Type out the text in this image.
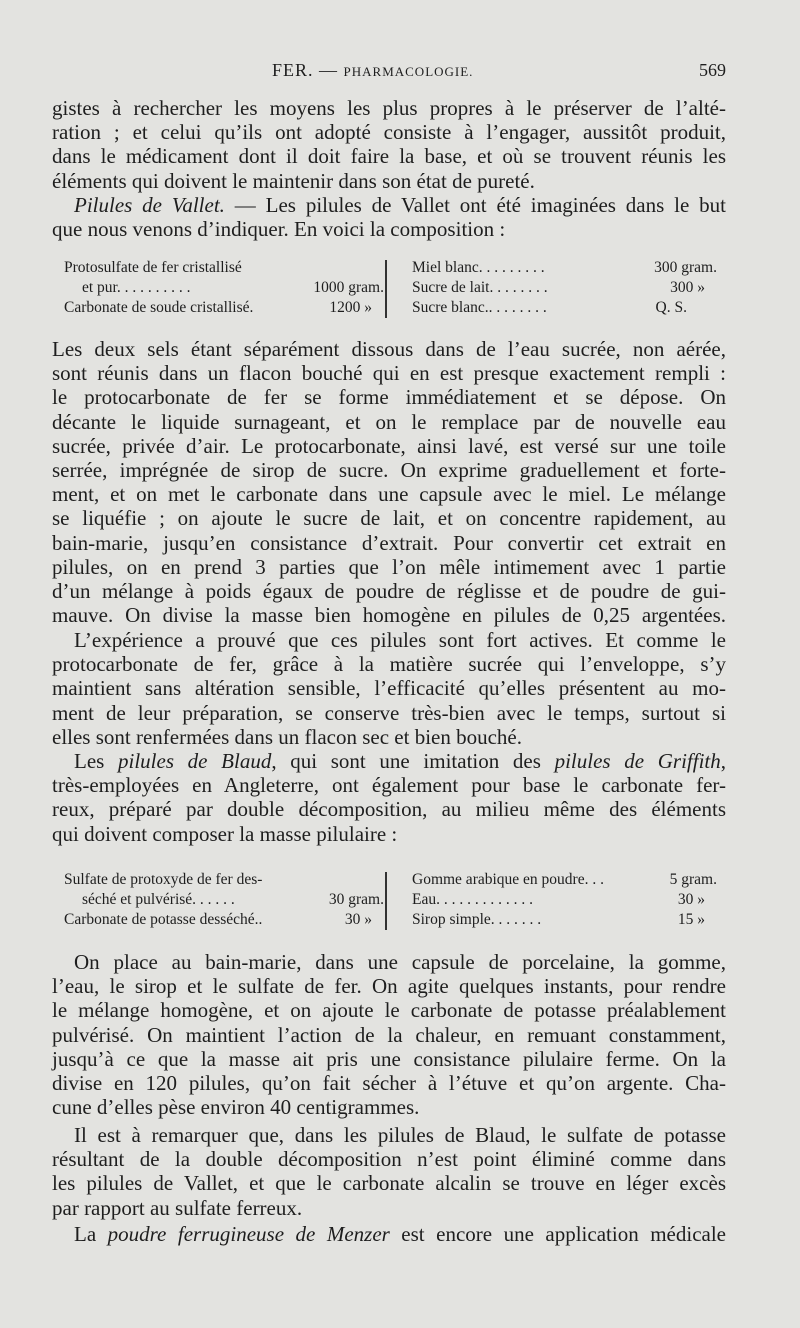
FER. — PHARMACOLOGIE.	569
gistes à rechercher les moyens les plus propres à le préserver de l’alté-
ration ; et celui qu’ils ont adopté consiste à l’engager, aussitôt produit,
dans le médicament dont il doit faire la base, et où se trouvent réunis les
éléments qui doivent le maintenir dans son état de pureté.
Pilules de Vallet. — Les pilules de Vallet ont été imaginées dans le but
que nous venons d’indiquer. En voici la composition :
Protosulfate de fer cristallisé
et pur. . . . . . . . . .	1000 gram.
Carbonate de soude cristallisé.	1200 »
Miel blanc. . . . . . . . .	300 gram.
Sucre de lait. . . . . . . .	300 »
Sucre blanc.. . . . . . . .	Q. S.
Les deux sels étant séparément dissous dans de l’eau sucrée, non aérée,
sont réunis dans un flacon bouché qui en est presque exactement rempli :
le protocarbonate de fer se forme immédiatement et se dépose. On
décante le liquide surnageant, et on le remplace par de nouvelle eau
sucrée, privée d’air. Le protocarbonate, ainsi lavé, est versé sur une toile
serrée, imprégnée de sirop de sucre. On exprime graduellement et forte-
ment, et on met le carbonate dans une capsule avec le miel. Le mélange
se liquéfie ; on ajoute le sucre de lait, et on concentre rapidement, au
bain-marie, jusqu’en consistance d’extrait. Pour convertir cet extrait en
pilules, on en prend 3 parties que l’on mêle intimement avec 1 partie
d’un mélange à poids égaux de poudre de réglisse et de poudre de gui-
mauve. On divise la masse bien homogène en pilules de 0,25 argentées.
L’expérience a prouvé que ces pilules sont fort actives. Et comme le
protocarbonate de fer, grâce à la matière sucrée qui l’enveloppe, s’y
maintient sans altération sensible, l’efficacité qu’elles présentent au mo-
ment de leur préparation, se conserve très-bien avec le temps, surtout si
elles sont renfermées dans un flacon sec et bien bouché.
Les pilules de Blaud, qui sont une imitation des pilules de Griffith,
très-employées en Angleterre, ont également pour base le carbonate fer-
reux, préparé par double décomposition, au milieu même des éléments
qui doivent composer la masse pilulaire :
Sulfate de protoxyde de fer des-
séché et pulvérisé. . . . . .	30 gram.
Carbonate de potasse desséché..	30 »
Gomme arabique en poudre. . .	5 gram.
Eau. . . . . . . . . . . . .	30 »
Sirop simple. . . . . . .	15 »
On place au bain-marie, dans une capsule de porcelaine, la gomme,
l’eau, le sirop et le sulfate de fer. On agite quelques instants, pour rendre
le mélange homogène, et on ajoute le carbonate de potasse préalablement
pulvérisé. On maintient l’action de la chaleur, en remuant constamment,
jusqu’à ce que la masse ait pris une consistance pilulaire ferme. On la
divise en 120 pilules, qu’on fait sécher à l’étuve et qu’on argente. Cha-
cune d’elles pèse environ 40 centigrammes.
Il est à remarquer que, dans les pilules de Blaud, le sulfate de potasse
résultant de la double décomposition n’est point éliminé comme dans
les pilules de Vallet, et que le carbonate alcalin se trouve en léger excès
par rapport au sulfate ferreux.
La poudre ferrugineuse de Menzer est encore une application médicale
